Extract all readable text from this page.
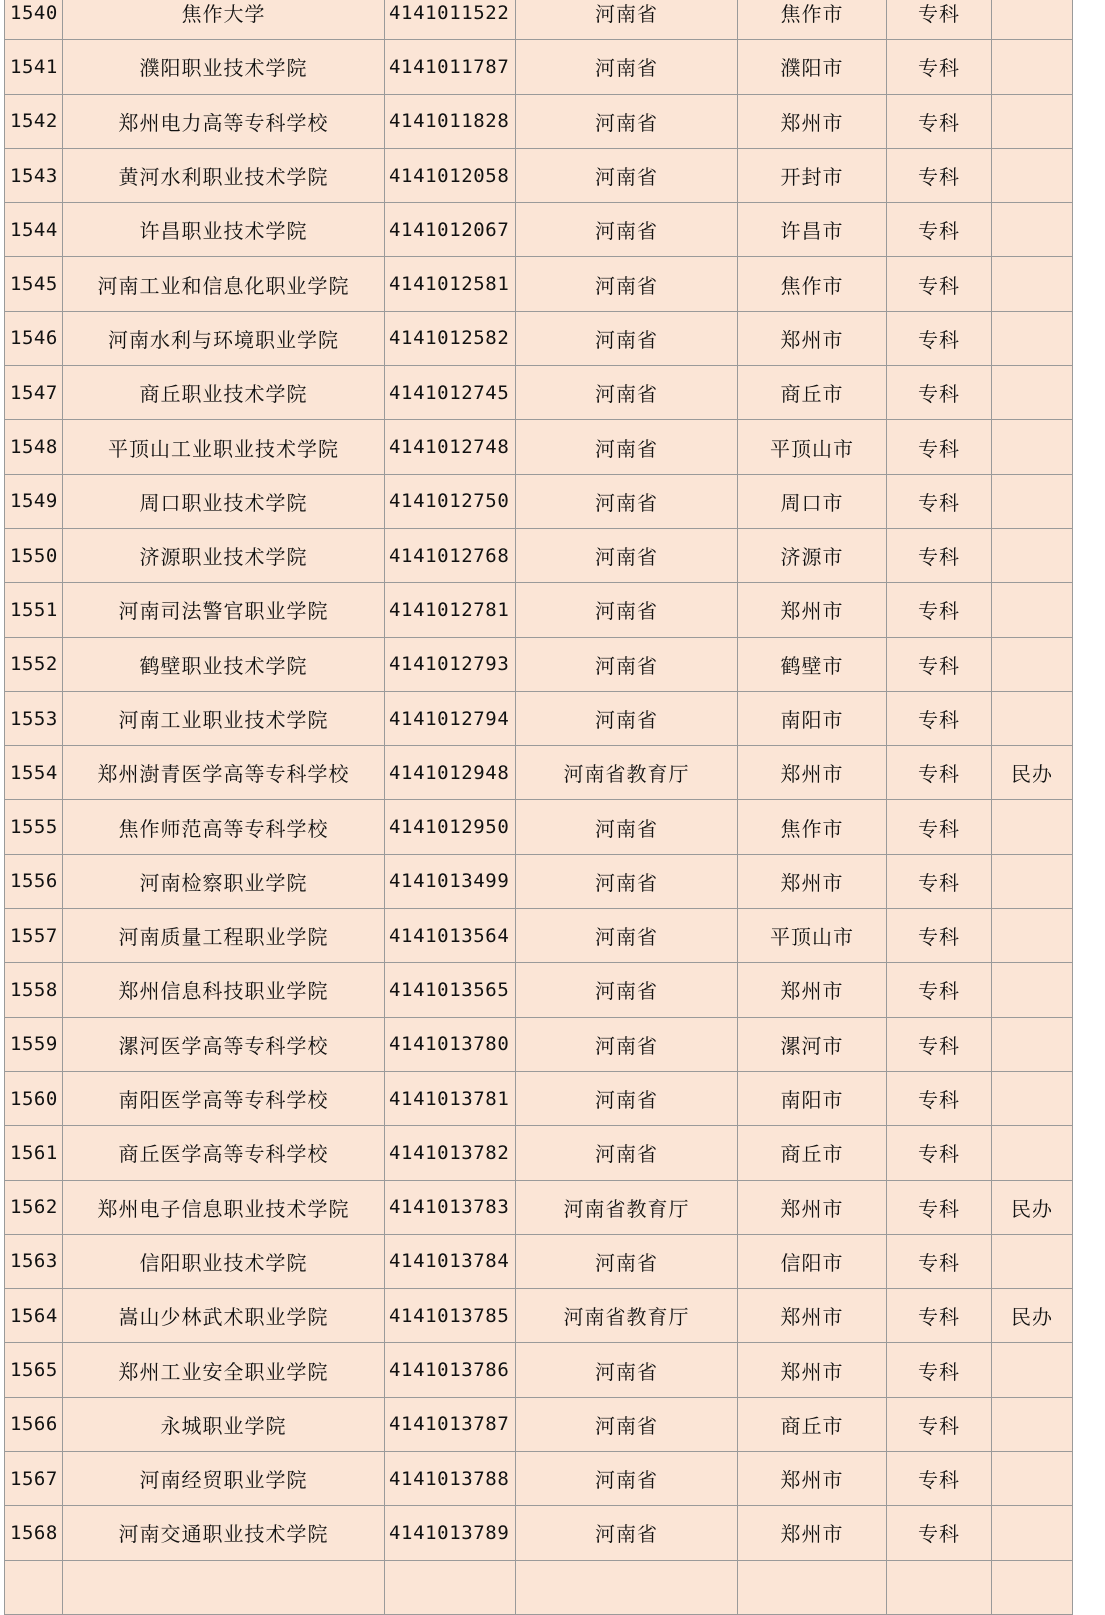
1540	焦作大学	4141011522	河南省	焦作市	专科	
1541	濮阳职业技术学院	4141011787	河南省	濮阳市	专科	
1542	郑州电力高等专科学校	4141011828	河南省	郑州市	专科	
1543	黄河水利职业技术学院	4141012058	河南省	开封市	专科	
1544	许昌职业技术学院	4141012067	河南省	许昌市	专科	
1545	河南工业和信息化职业学院	4141012581	河南省	焦作市	专科	
1546	河南水利与环境职业学院	4141012582	河南省	郑州市	专科	
1547	商丘职业技术学院	4141012745	河南省	商丘市	专科	
1548	平顶山工业职业技术学院	4141012748	河南省	平顶山市	专科	
1549	周口职业技术学院	4141012750	河南省	周口市	专科	
1550	济源职业技术学院	4141012768	河南省	济源市	专科	
1551	河南司法警官职业学院	4141012781	河南省	郑州市	专科	
1552	鹤壁职业技术学院	4141012793	河南省	鹤壁市	专科	
1553	河南工业职业技术学院	4141012794	河南省	南阳市	专科	
1554	郑州澍青医学高等专科学校	4141012948	河南省教育厅	郑州市	专科	民办
1555	焦作师范高等专科学校	4141012950	河南省	焦作市	专科	
1556	河南检察职业学院	4141013499	河南省	郑州市	专科	
1557	河南质量工程职业学院	4141013564	河南省	平顶山市	专科	
1558	郑州信息科技职业学院	4141013565	河南省	郑州市	专科	
1559	漯河医学高等专科学校	4141013780	河南省	漯河市	专科	
1560	南阳医学高等专科学校	4141013781	河南省	南阳市	专科	
1561	商丘医学高等专科学校	4141013782	河南省	商丘市	专科	
1562	郑州电子信息职业技术学院	4141013783	河南省教育厅	郑州市	专科	民办
1563	信阳职业技术学院	4141013784	河南省	信阳市	专科	
1564	嵩山少林武术职业学院	4141013785	河南省教育厅	郑州市	专科	民办
1565	郑州工业安全职业学院	4141013786	河南省	郑州市	专科	
1566	永城职业学院	4141013787	河南省	商丘市	专科	
1567	河南经贸职业学院	4141013788	河南省	郑州市	专科	
1568	河南交通职业技术学院	4141013789	河南省	郑州市	专科	
